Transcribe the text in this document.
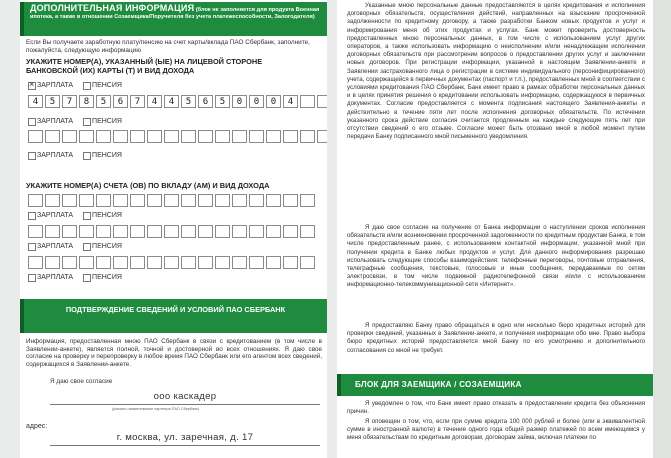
ДОПОЛНИТЕЛЬНАЯ ИНФОРМАЦИЯ (блок не заполняется для продукта Военная ипотека, а также в отношении Созаемщика/Поручителя без учета платежеспособности, Залогодателя)
Если Вы получаете заработную плату/пенсию на счет карты/вклада ПАО Сбербанк, заполните, пожалуйста, следующую информацию
УКАЖИТЕ НОМЕР(А), УКАЗАННЫЙ (ЫЕ) НА ЛИЦЕВОЙ СТОРОНЕ БАНКОВСКОЙ (ИХ) КАРТЫ (Т) И ВИД ДОХОДА
×
ЗАРПЛАТА	ПЕНСИЯ
4	5	7	8	5	6	7	4	4	5	6	5	0	0	0	4
ЗАРПЛАТА	ПЕНСИЯ
ЗАРПЛАТА	ПЕНСИЯ
УКАЖИТЕ НОМЕР(А) СЧЕТА (ОВ) ПО ВКЛАДУ (АМ) И ВИД ДОХОДА
ЗАРПЛАТА	ПЕНСИЯ
ЗАРПЛАТА	ПЕНСИЯ
ЗАРПЛАТА	ПЕНСИЯ
ПОДТВЕРЖДЕНИЕ СВЕДЕНИЙ И УСЛОВИЙ ПАО СБЕРБАНК
Информация, предоставленная мною ПАО Сбербанк в связи с кредитованием (в том числе в Заявлении-анкете), является полной, точной и достоверной во всех отношениях. Я даю свое согласие на проверку и перепроверку в любое время ПАО Сбербанк или его агентом всех сведений, содержащихся в Заявлении-анкете.
Я даю свое согласие
ооо каскадер
(указать наименование партнера ПАО Сбербанк)
адрес:
г. москва, ул. заречная, д. 17
Указанные мною персональные данные предоставляются в целях кредитования и исполнения договорных обязательств, осуществления действий, направленных на взыскание просроченной задолженности по кредитному договору, а также разработки Банком новых продуктов и услуг и информирования меня об этих продуктах и услугах. Банк может проверить достоверность предоставленных мною персональных данных, в том числе с использованием услуг других операторов, а также использовать информацию о неисполнении и/или ненадлежащем исполнении договорных обязательств при рассмотрении вопросов о предоставлении других услуг и заключении новых договоров. При регистрации информации, указанной в настоящем Заявлении-анкете и Заявлении застрахованного лица о регистрации в системе индивидуального (персонифицированного) учета, содержащейся в первичных документах (паспорт и т.п.), предоставленных мной в соответствии с условиями кредитования ПАО Сбербанк, Банк имеет право в рамках обработки персональных данных и в целях принятия решения о кредитовании использовать информацию, содержащуюся в первичных документах. Согласие предоставляется с момента подписания настоящего Заявления-анкеты и действительно в течение пяти лет после исполнения договорных обязательств. По истечении указанного срока действие согласия считается продленным на каждые следующие пять лет при отсутствии сведений о его отзыве. Согласие может быть отозвано мной в любой момент путем передачи Банку подписанного мной письменного уведомления.
Я даю свое согласие на получение от Банка информации о наступлении сроков исполнения обязательств и/или возникновении просроченной задолженности по кредитным продуктам Банка, в том числе предоставленным ранее, с использованием контактной информации, указанной мной при получении кредита в Банке любых продуктов и услуг. Для данного информирования разрешаю использовать следующие способы взаимодействия: телефонные переговоры, почтовые отправления, телеграфные сообщения, текстовые, голосовые и иные сообщения, передаваемые по сетям электросвязи, в том числе подвижной радиотелефонной связи и/или с использованием информационно-телекоммуникационной сети «Интернет».
Я предоставляю Банку право обращаться в одно или несколько бюро кредитных историй для проверки сведений, указанных в Заявлении-анкете, и получения информации обо мне. Право выбора бюро кредитных историй предоставляется мной Банку по его усмотрению и дополнительного согласования со мной не требует.
БЛОК ДЛЯ ЗАЕМЩИКА / СОЗАЕМЩИКА
Я уведомлен о том, что Банк имеет право отказать в предоставлении кредита без объяснения причин.
Я оповещен о том, что, если при сумме кредита 100 000 рублей и более (или в эквивалентной сумме в иностранной валюте) в течение одного года общий размер платежей по всем имеющимся у меня обязательствам по кредитным договорам, договорам займа, включая платежи по
